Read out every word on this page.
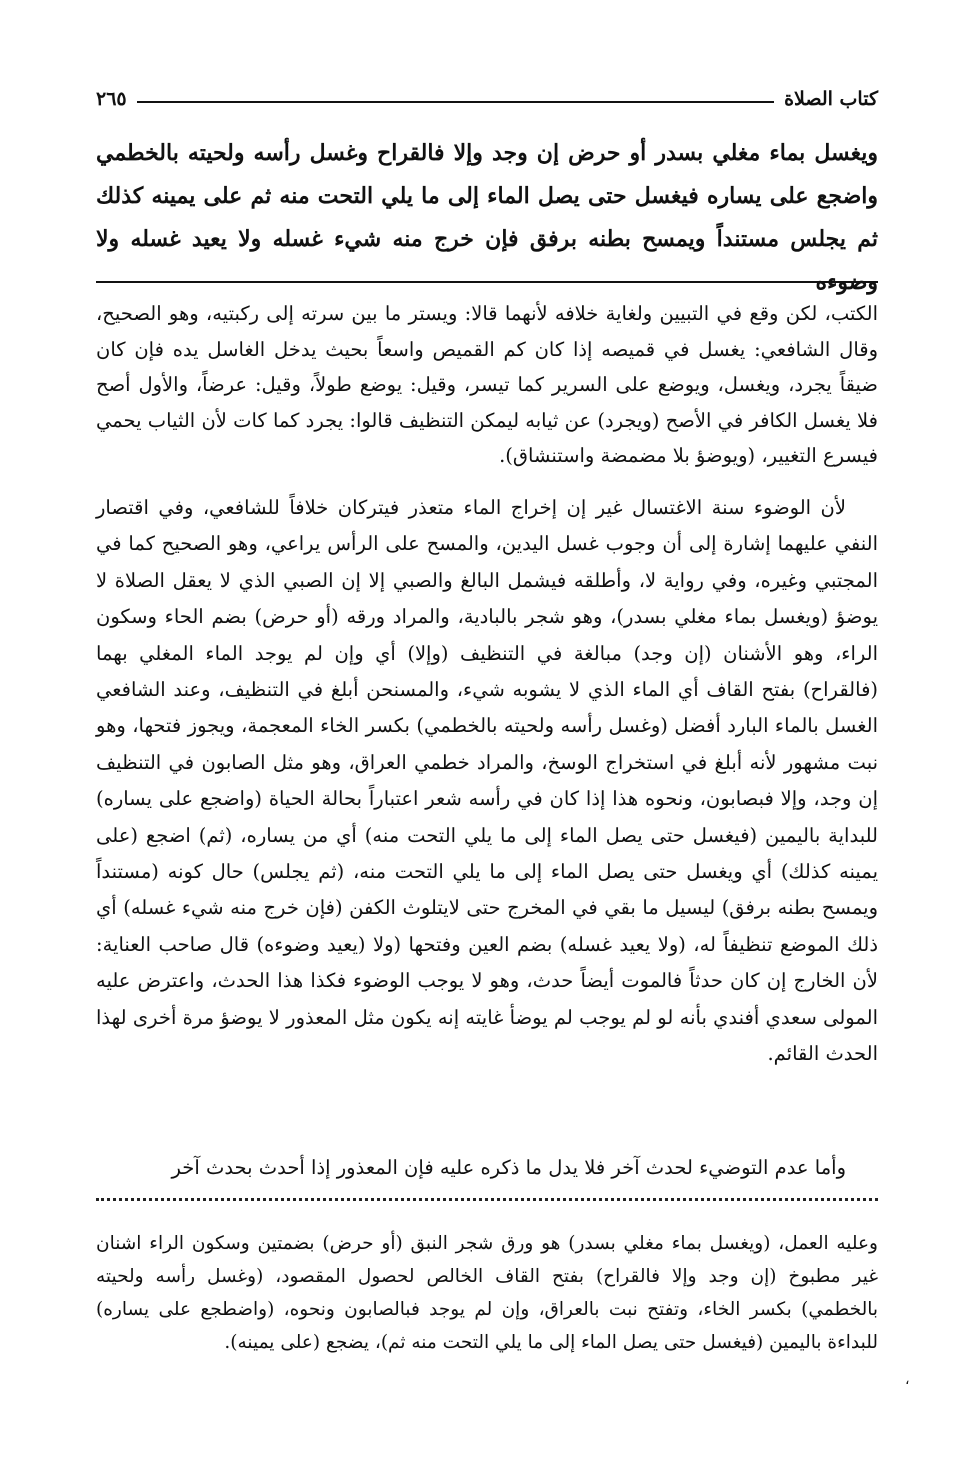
كتاب الصلاة
٢٦٥

ويغسل بماء مغلي بسدر أو حرض إن وجد وإلا فالقراح وغسل رأسه ولحيته بالخطمي واضجع على يساره فيغسل حتى يصل الماء إلى ما يلي التحت منه ثم على يمينه كذلك ثم يجلس مستنداً ويمسح بطنه برفق فإن خرج منه شيء غسله ولا يعيد غسله ولا وضوءه

الكتب، لكن وقع في التبيين ولغاية خلافه لأنهما قالا: ويستر ما بين سرته إلى ركبتيه، وهو الصحيح، وقال الشافعي: يغسل في قميصه إذا كان كم القميص واسعاً بحيث يدخل الغاسل يده فإن كان ضيقاً يجرد، ويغسل، ويوضع على السرير كما تيسر، وقيل: يوضع طولاً، وقيل: عرضاً، والأول أصح فلا يغسل الكافر في الأصح (ويجرد) عن ثيابه ليمكن التنظيف قالوا: يجرد كما كات لأن الثياب يحمي فيسرع التغيير، (ويوضؤ بلا مضمضة واستنشاق).

لأن الوضوء سنة الاغتسال غير إن إخراج الماء متعذر فيتركان خلافاً للشافعي، وفي اقتصار النفي عليهما إشارة إلى أن وجوب غسل اليدين، والمسح على الرأس يراعي، وهو الصحيح كما في المجتبي وغيره، وفي رواية لا، وأطلقه فيشمل البالغ والصبي إلا إن الصبي الذي لا يعقل الصلاة لا يوضؤ (ويغسل بماء مغلي بسدر)، وهو شجر بالبادية، والمراد ورقه (أو حرض) بضم الحاء وسكون الراء، وهو الأشنان (إن وجد) مبالغة في التنظيف (وإلا) أي وإن لم يوجد الماء المغلي بهما (فالقراح) بفتح القاف أي الماء الذي لا يشوبه شيء، والمسنحن أبلغ في التنظيف، وعند الشافعي الغسل بالماء البارد أفضل (وغسل رأسه ولحيته بالخطمي) بكسر الخاء المعجمة، ويجوز فتحها، وهو نبت مشهور لأنه أبلغ في استخراج الوسخ، والمراد خطمي العراق، وهو مثل الصابون في التنظيف إن وجد، وإلا فبصابون، ونحوه هذا إذا كان في رأسه شعر اعتباراً بحالة الحياة (واضجع على يساره) للبداية باليمين (فيغسل حتى يصل الماء إلى ما يلي التحت منه) أي من يساره، (ثم) اضجع (على يمينه كذلك) أي ويغسل حتى يصل الماء إلى ما يلي التحت منه، (ثم يجلس) حال كونه (مستنداً ويمسح بطنه برفق) ليسيل ما بقي في المخرج حتى لايتلوث الكفن (فإن خرج منه شيء غسله) أي ذلك الموضع تنظيفاً له، (ولا يعيد غسله) بضم العين وفتحها (ولا (يعيد وضوءه) قال صاحب العناية: لأن الخارج إن كان حدثاً فالموت أيضاً حدث، وهو لا يوجب الوضوء فكذا هذا الحدث، واعترض عليه المولى سعدي أفندي بأنه لو لم يوجب لم يوضأ غايته إنه يكون مثل المعذور لا يوضؤ مرة أخرى لهذا الحدث القائم.

وأما عدم التوضيء لحدث آخر فلا يدل ما ذكره عليه فإن المعذور إذا أحدث بحدث آخر

وعليه العمل، (ويغسل بماء مغلي بسدر) هو ورق شجر النبق (أو حرض) بضمتين وسكون الراء اشنان غير مطبوخ (إن وجد وإلا فالقراح) بفتح القاف الخالص لحصول المقصود، (وغسل رأسه ولحيته بالخطمي) بكسر الخاء، وتفتح نبت بالعراق، وإن لم يوجد فبالصابون ونحوه، (واضطجع على يساره) للبداءة باليمين (فيغسل حتى يصل الماء إلى ما يلي التحت منه ثم)، يضجع (على يمينه).

،
